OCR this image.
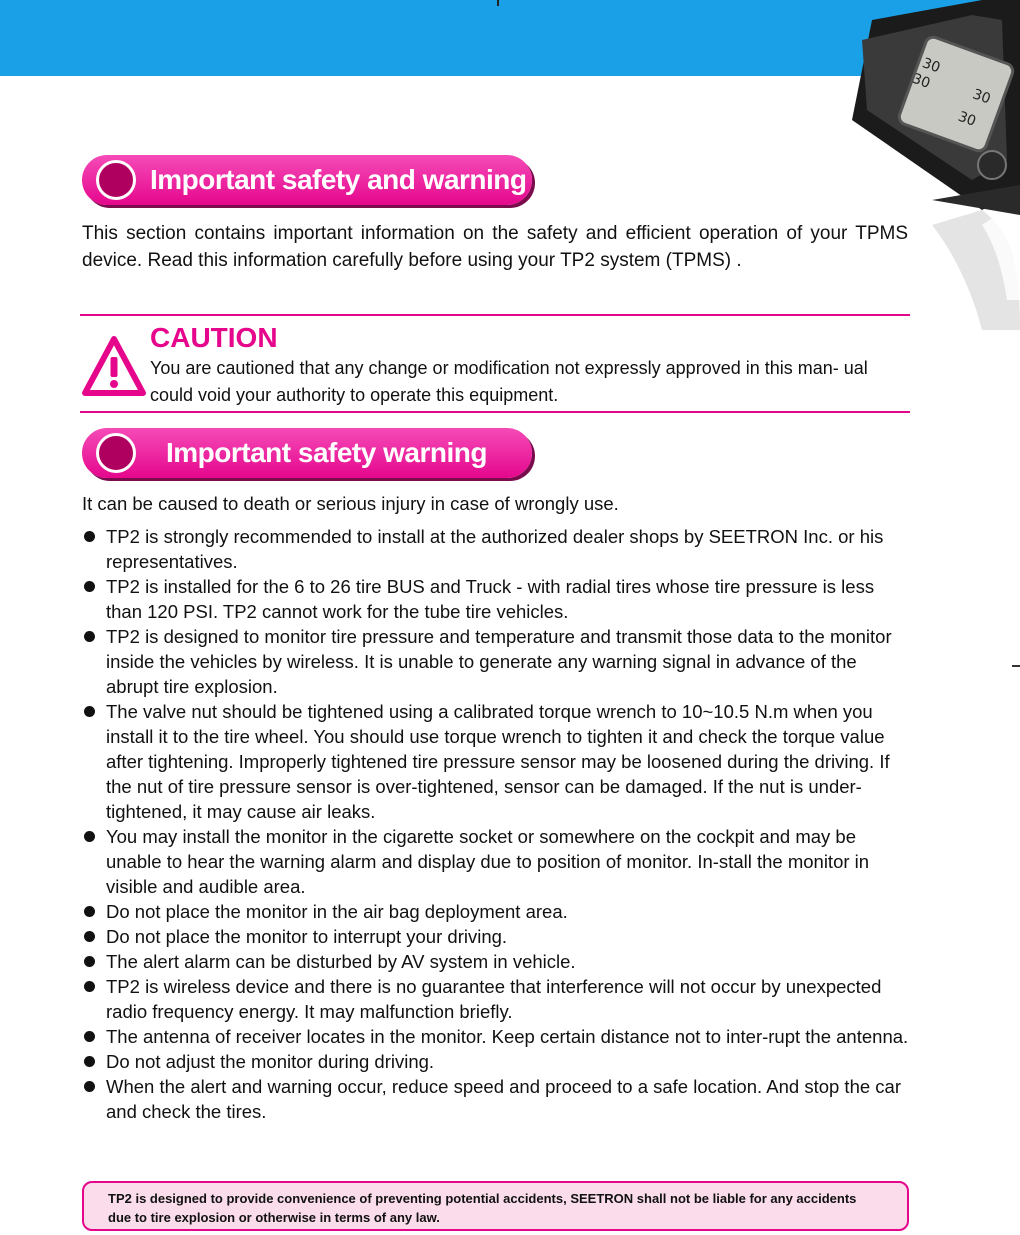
30
30
30
30
Important safety and warning
This section contains important information on the safety and efficient operation of your TPMS device. Read this information carefully before using your TP2 system (TPMS) .
CAUTION
You are cautioned that any change or modification not expressly approved in this man- ual could void your authority to operate this equipment.
Important safety warning
It can be caused to death or serious injury in case of wrongly use.
TP2 is strongly recommended to install at the authorized dealer shops by SEETRON Inc. or his representatives.
TP2 is installed for the 6 to 26 tire BUS and Truck - with radial tires whose tire pressure is less than 120 PSI. TP2 cannot work for the tube tire vehicles.
TP2 is designed to monitor tire pressure and temperature and transmit those data to the monitor inside the vehicles by wireless. It is unable to generate any warning signal in advance of the abrupt tire explosion.
The valve nut should be tightened using a calibrated torque wrench to 10~10.5 N.m when you install it to the tire wheel. You should use torque wrench to tighten it and check the torque value after tightening. Improperly tightened tire pressure sensor may be loosened during the driving. If the nut of tire pressure sensor is over-tightened, sensor can be damaged. If the nut is under-tightened, it may cause air leaks.
You may install the monitor in the cigarette socket or somewhere on the cockpit and may be unable to hear the warning alarm and display due to position of monitor. In-stall the monitor in visible and audible area.
Do not place the monitor in the air bag deployment area.
Do not place the monitor to interrupt your driving.
The alert alarm can be disturbed by AV system in vehicle.
TP2 is wireless device and there is no guarantee that interference will not occur by unexpected radio frequency energy. It may malfunction briefly.
The antenna of receiver locates in the monitor. Keep certain distance not to inter-rupt the antenna.
Do not adjust the monitor during driving.
When the alert and warning occur, reduce speed and proceed to a safe location. And stop the car and check the tires.
TP2 is designed to provide convenience of preventing potential accidents, SEETRON shall not be liable for any accidents due to tire explosion or otherwise in terms of any law.
